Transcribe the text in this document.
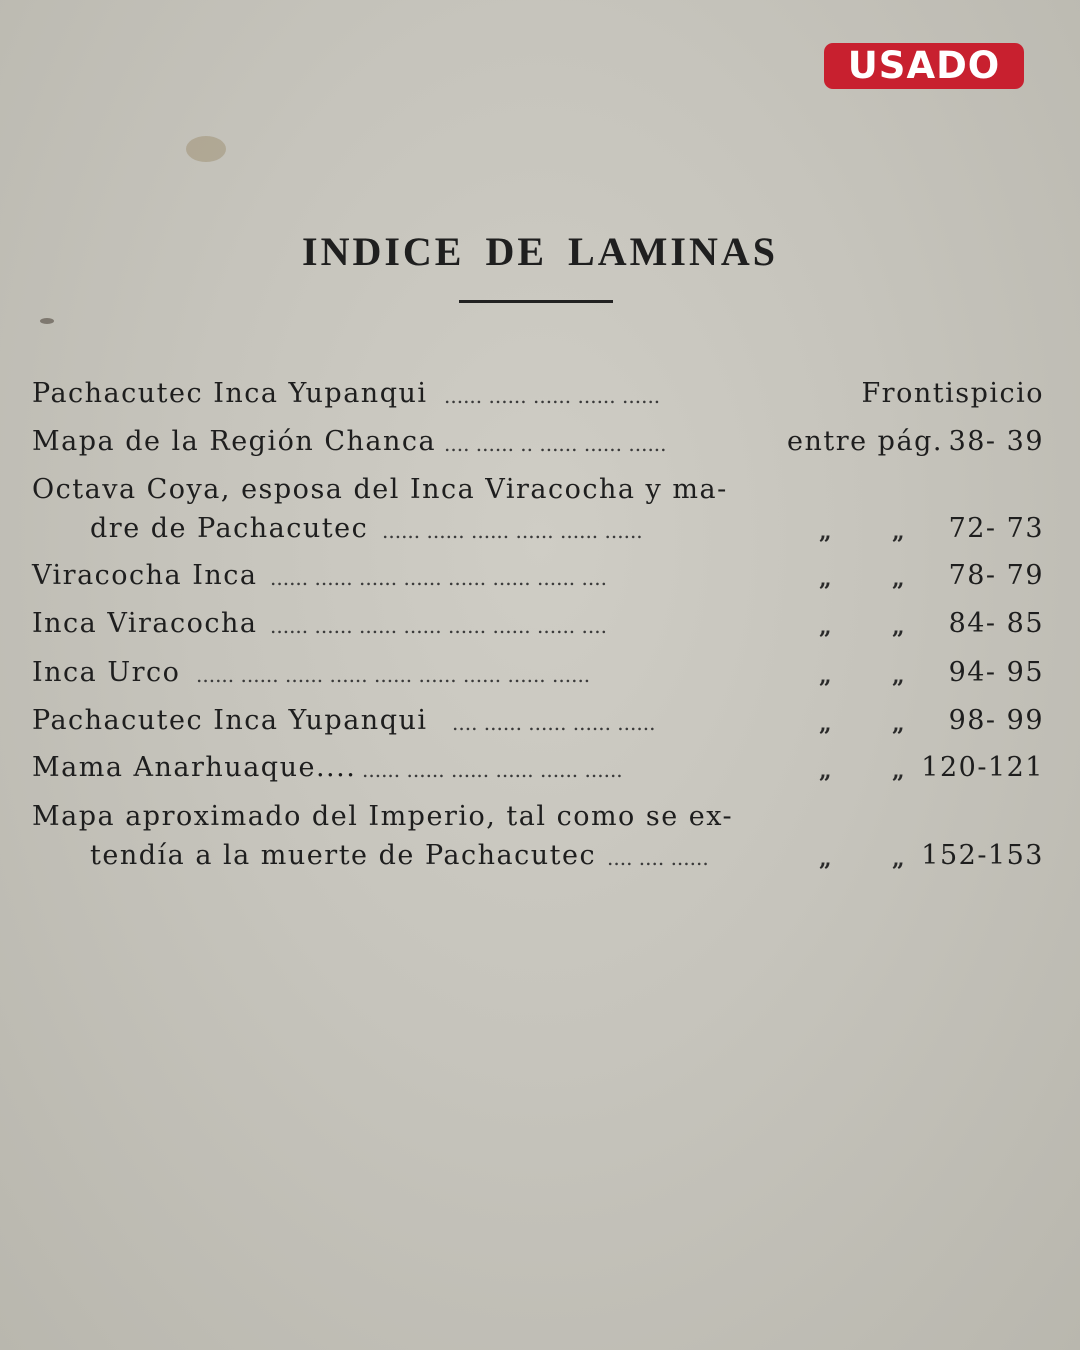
USADO
INDICE DE LAMINAS
Pachacutec Inca Yupanqui ...... ...... ...... ...... ......	Frontispicio
Mapa de la Región Chanca .... ...... .. ...... ...... ......	entre pág. 38- 39
Octava Coya, esposa del Inca Viracocha y ma-
dre de Pachacutec ...... ...... ...... ...... ...... ......	„	„ 72- 73
Viracocha Inca ...... ...... ...... ...... ...... ...... ...... ....	„	„ 78- 79
Inca Viracocha ...... ...... ...... ...... ...... ...... ...... ....	„	„ 84- 85
Inca Urco ...... ...... ...... ...... ...... ...... ...... ...... ......	„	„ 94- 95
Pachacutec Inca Yupanqui .... ...... ...... ...... ......	„	„ 98- 99
Mama Anarhuaque.... ...... ...... ...... ...... ...... ......	„	„ 120-121
Mapa aproximado del Imperio, tal como se ex-
tendía a la muerte de Pachacutec .... .... ......	„	„ 152-153
